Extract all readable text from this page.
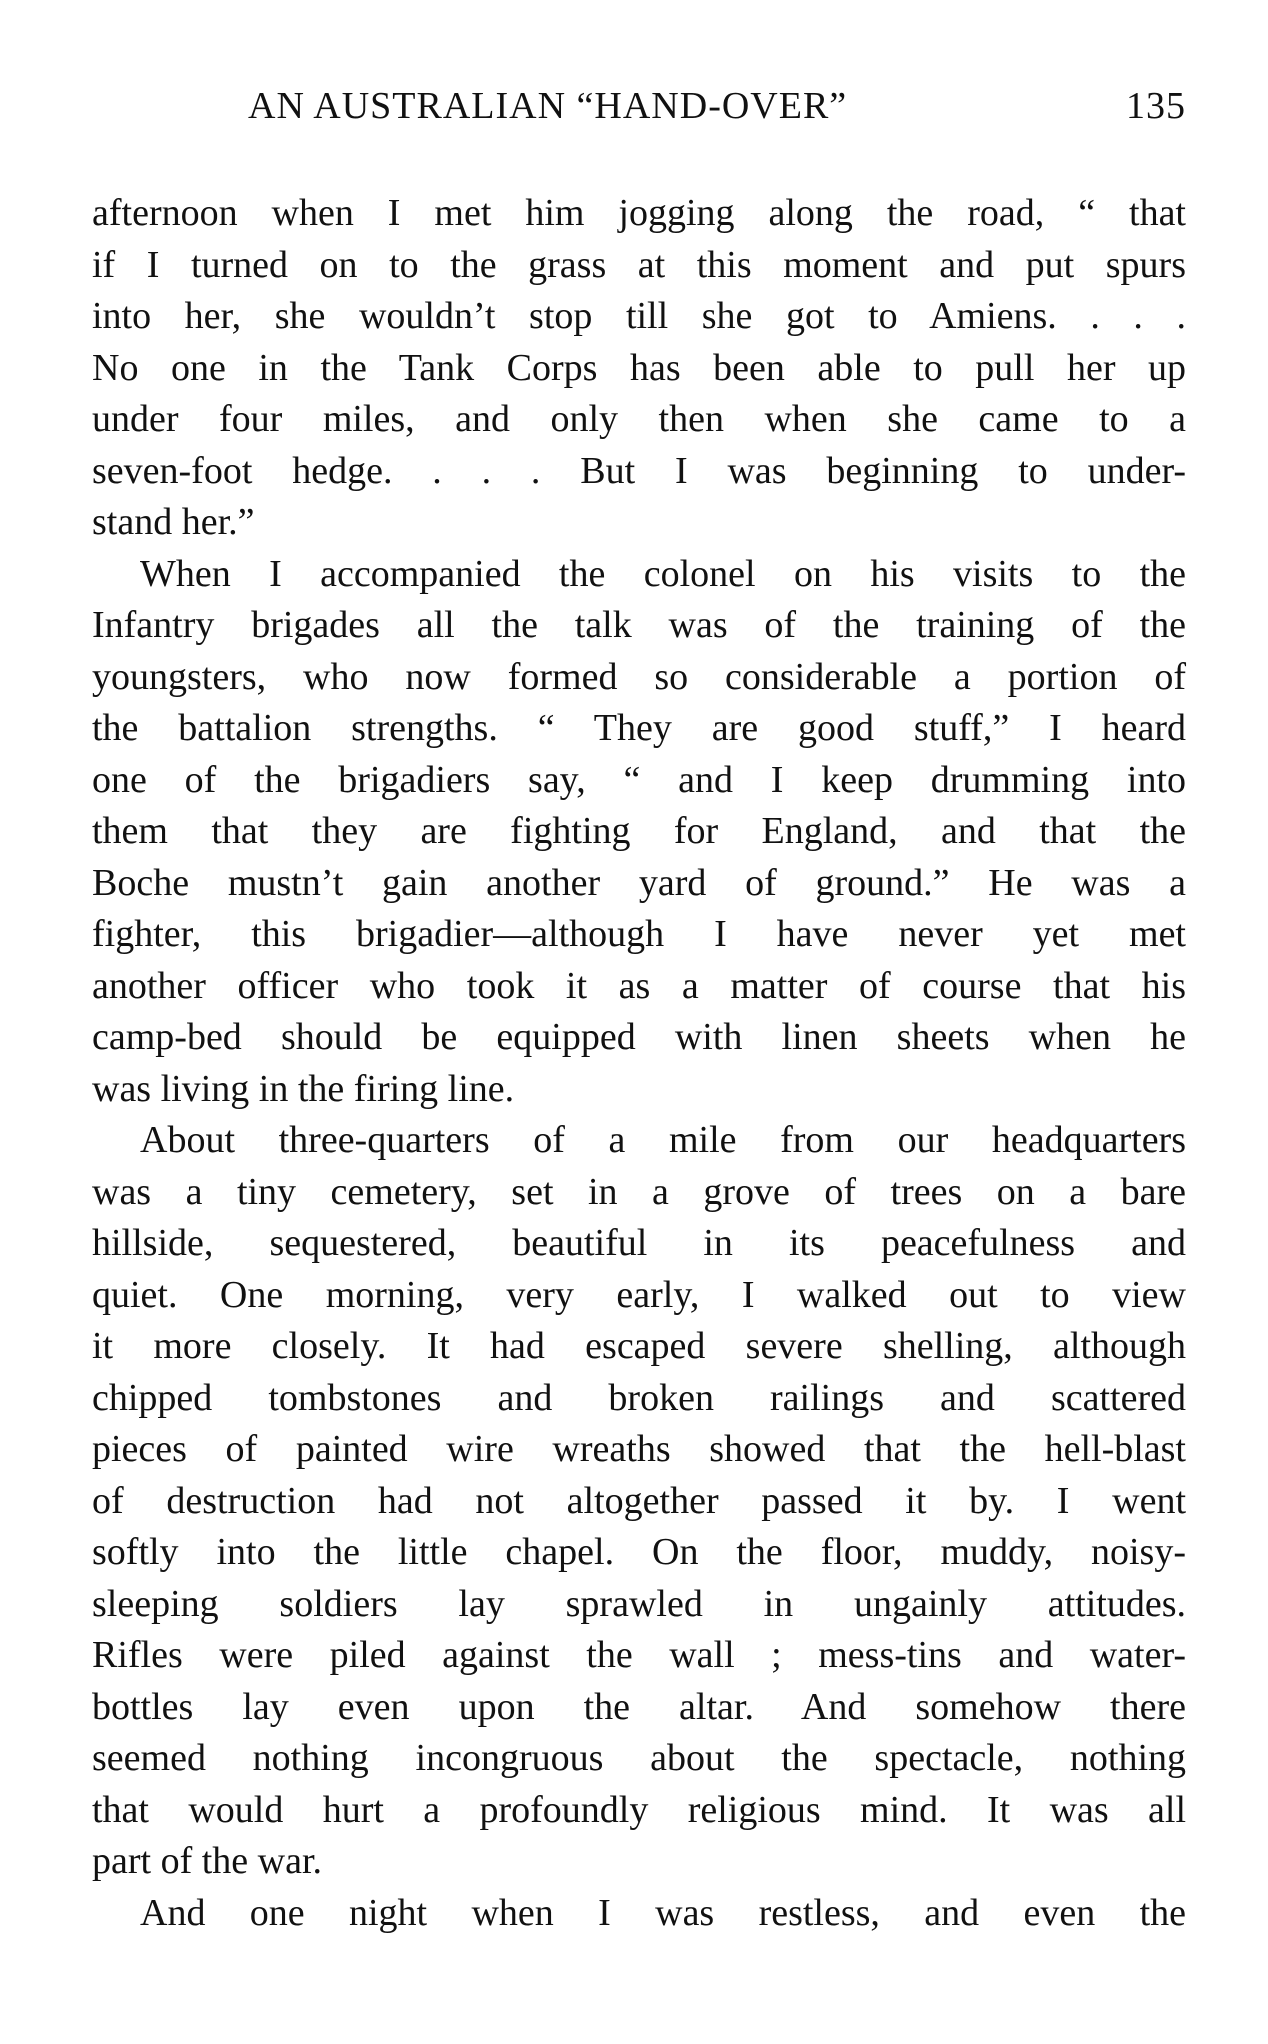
AN AUSTRALIAN “HAND-OVER”	135
afternoon when I met him jogging along the road, “ that
if I turned on to the grass at this moment and put spurs
into her, she wouldn’t stop till she got to Amiens. . . .
No one in the Tank Corps has been able to pull her up
under four miles, and only then when she came to a
seven-foot hedge. . . . But I was beginning to under-
stand her.”
When I accompanied the colonel on his visits to the
Infantry brigades all the talk was of the training of the
youngsters, who now formed so considerable a portion of
the battalion strengths. “ They are good stuff,” I heard
one of the brigadiers say, “ and I keep drumming into
them that they are fighting for England, and that the
Boche mustn’t gain another yard of ground.” He was a
fighter, this brigadier—although I have never yet met
another officer who took it as a matter of course that his
camp-bed should be equipped with linen sheets when he
was living in the firing line.
About three-quarters of a mile from our headquarters
was a tiny cemetery, set in a grove of trees on a bare
hillside, sequestered, beautiful in its peacefulness and
quiet. One morning, very early, I walked out to view
it more closely. It had escaped severe shelling, although
chipped tombstones and broken railings and scattered
pieces of painted wire wreaths showed that the hell-blast
of destruction had not altogether passed it by. I went
softly into the little chapel. On the floor, muddy, noisy-
sleeping soldiers lay sprawled in ungainly attitudes.
Rifles were piled against the wall ; mess-tins and water-
bottles lay even upon the altar. And somehow there
seemed nothing incongruous about the spectacle, nothing
that would hurt a profoundly religious mind. It was all
part of the war.
And one night when I was restless, and even the
